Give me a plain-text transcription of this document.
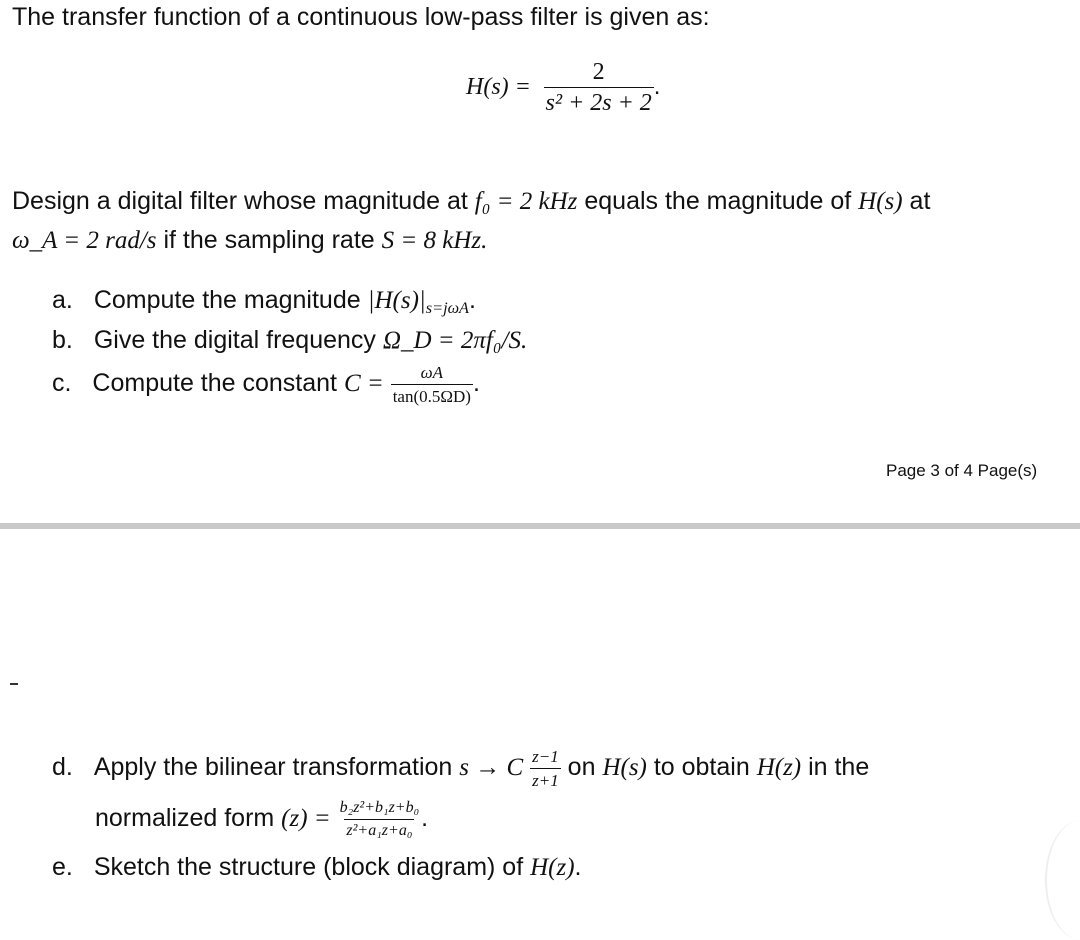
The transfer function of a continuous low-pass filter is given as:
$H(s) = \frac{2}{\text{s² + 2s + 2}}$ .
Design a digital filter whose magnitude at f₀ = 2 kHz equals the magnitude of H(s) at
ω_A = 2 rad/s if the sampling rate S = 8 kHz.
a. Compute the magnitude $|H(s)|_{s=j\omega A}$.
b. Give the digital frequency Ω_D = 2πf₀/S.
c. Compute the constant $C = \frac{\omega A}{\tan(0.5\Omega D)}$ .
Page 3 of 4 Page(s)
d. Apply the bilinear transformation s → C $\frac{z-1}{z+1}$ on H(s) to obtain H(z) in the
normalized form $(z) = \frac{\text{b₂z²+b₁z+b₀}}{\text{z²+a₁z+a₀}}$ .
e. Sketch the structure (block diagram) of H(z).
